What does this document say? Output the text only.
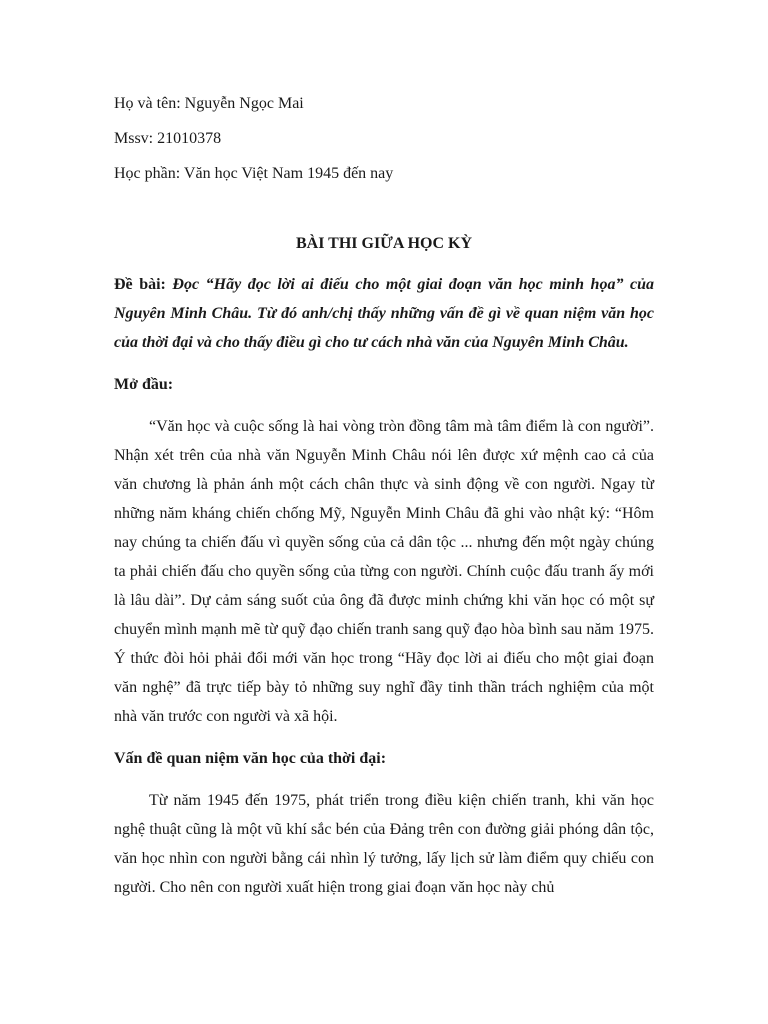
Họ và tên: Nguyễn Ngọc Mai
Mssv: 21010378
Học phần: Văn học Việt Nam 1945 đến nay
BÀI THI GIỮA HỌC KỲ
Đề bài: Đọc “Hãy đọc lời ai điếu cho một giai đoạn văn học minh họa” của Nguyên Minh Châu. Từ đó anh/chị thấy những vấn đề gì về quan niệm văn học của thời đại và cho thấy điều gì cho tư cách nhà văn của Nguyên Minh Châu.
Mở đầu:
“Văn học và cuộc sống là hai vòng tròn đồng tâm mà tâm điểm là con người”. Nhận xét trên của nhà văn Nguyễn Minh Châu nói lên được xứ mệnh cao cả của văn chương là phản ánh một cách chân thực và sinh động về con người. Ngay từ những năm kháng chiến chống Mỹ, Nguyễn Minh Châu đã ghi vào nhật ký: “Hôm nay chúng ta chiến đấu vì quyền sống của cả dân tộc ... nhưng đến một ngày chúng ta phải chiến đấu cho quyền sống của từng con người. Chính cuộc đấu tranh ấy mới là lâu dài”. Dự cảm sáng suốt của ông đã được minh chứng khi văn học có một sự chuyển mình mạnh mẽ từ quỹ đạo chiến tranh sang quỹ đạo hòa bình sau năm 1975. Ý thức đòi hỏi phải đổi mới văn học trong “Hãy đọc lời ai điếu cho một giai đoạn văn nghệ” đã trực tiếp bày tỏ những suy nghĩ đầy tinh thần trách nghiệm của một nhà văn trước con người và xã hội.
Vấn đề quan niệm văn học của thời đại:
Từ năm 1945 đến 1975, phát triển trong điều kiện chiến tranh, khi văn học nghệ thuật cũng là một vũ khí sắc bén của Đảng trên con đường giải phóng dân tộc, văn học nhìn con người bằng cái nhìn lý tưởng, lấy lịch sử làm điểm quy chiếu con người. Cho nên con người xuất hiện trong giai đoạn văn học này chủ
